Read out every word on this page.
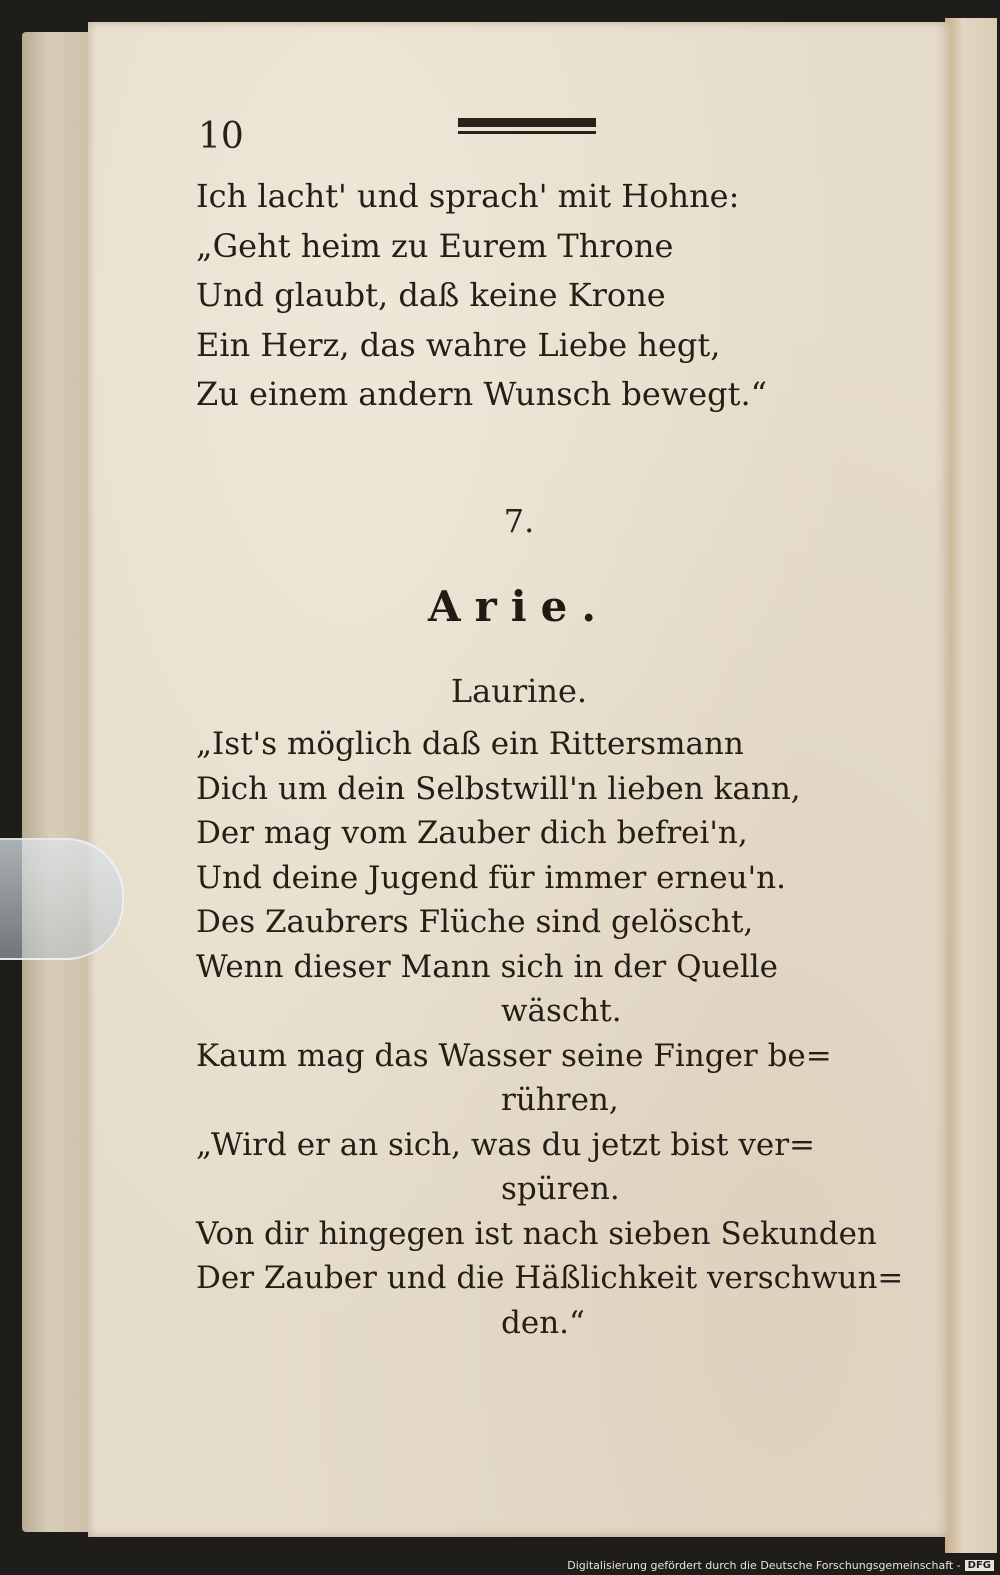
10
Ich lacht' und sprach' mit Hohne:
„Geht heim zu Eurem Throne
Und glaubt, daß keine Krone
Ein Herz, das wahre Liebe hegt,
Zu einem andern Wunsch bewegt.“
7.
Arie.
Laurine.
„Ist's möglich daß ein Rittersmann
Dich um dein Selbstwill'n lieben kann,
Der mag vom Zauber dich befrei'n,
Und deine Jugend für immer erneu'n.
Des Zaubrers Flüche sind gelöscht,
Wenn dieser Mann sich in der Quelle
wäscht.
Kaum mag das Wasser seine Finger be=
rühren,
„Wird er an sich, was du jetzt bist ver=
spüren.
Von dir hingegen ist nach sieben Sekunden
Der Zauber und die Häßlichkeit verschwun=
den.“
Digitalisierung gefördert durch die Deutsche Forschungsgemeinschaft - DFG
